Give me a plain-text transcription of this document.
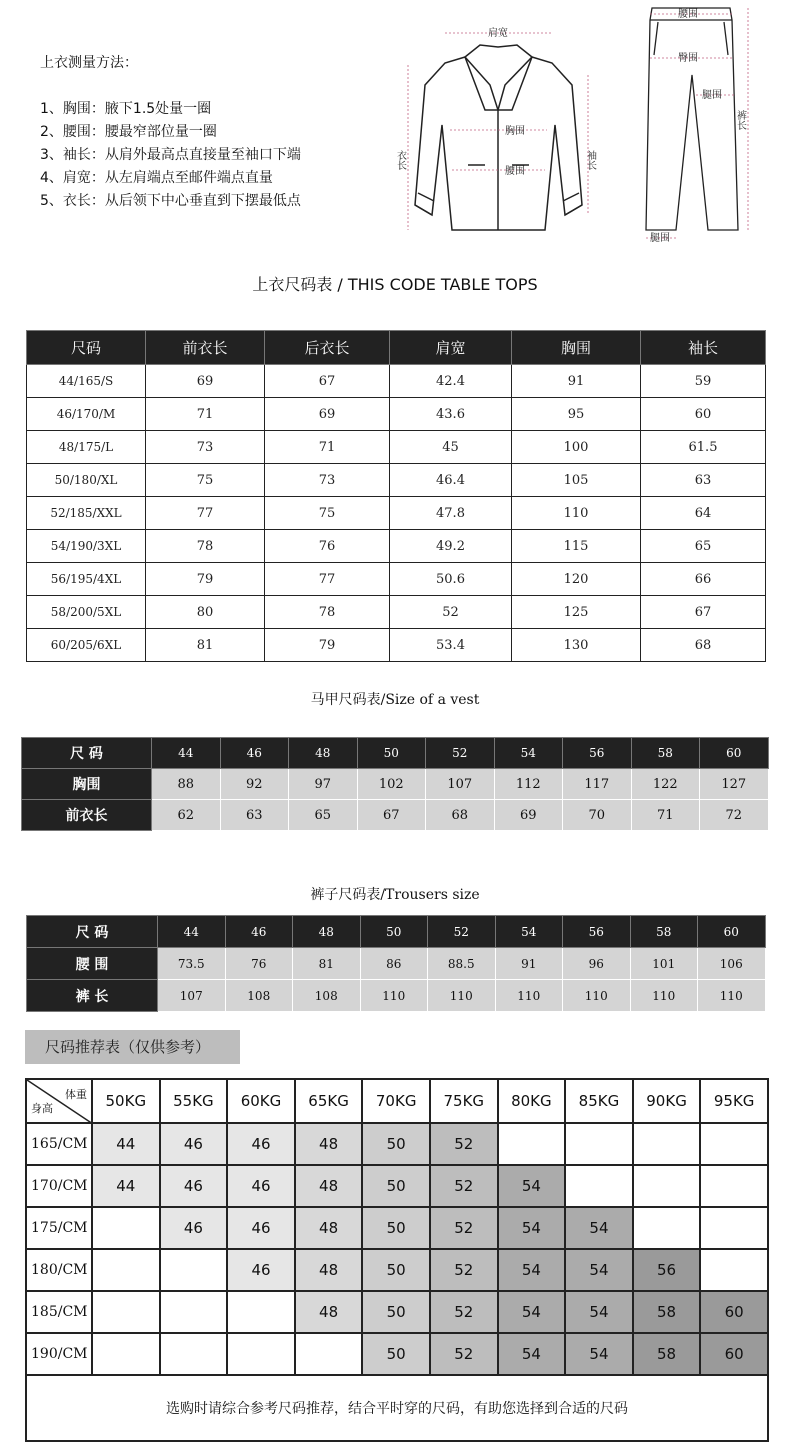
上衣测量方法：
1、胸围：腋下1.5处量一圈
2、腰围：腰最窄部位量一圈
3、袖长：从肩外最高点直接量至袖口下端
4、肩宽：从左肩端点至邮件端点直量
5、衣长：从后领下中心垂直到下摆最低点
肩宽
胸围
腰围
衣长	袖长
腰围
臀围
腿围
裤长
腿围
上衣尺码表 / THIS CODE TABLE TOPS
尺码	前衣长	后衣长	肩宽	胸围	袖长
44/165/S	69	67	42.4	91	59
46/170/M	71	69	43.6	95	60
48/175/L	73	71	45	100	61.5
50/180/XL	75	73	46.4	105	63
52/185/XXL	77	75	47.8	110	64
54/190/3XL	78	76	49.2	115	65
56/195/4XL	79	77	50.6	120	66
58/200/5XL	80	78	52	125	67
60/205/6XL	81	79	53.4	130	68
马甲尺码表/Size of a vest
尺 码	44	46	48	50	52	54	56	58	60
胸围	88	92	97	102	107	112	117	122	127
前衣长	62	63	65	67	68	69	70	71	72
裤子尺码表/Trousers size
尺 码	44	46	48	50	52	54	56	58	60
腰 围	73.5	76	81	86	88.5	91	96	101	106
裤 长	107	108	108	110	110	110	110	110	110
尺码推荐表（仅供参考）
体重
身高	50KG	55KG	60KG	65KG	70KG	75KG	80KG	85KG	90KG	95KG
165/CM	44	46	46	48	50	52				
170/CM	44	46	46	48	50	52	54			
175/CM		46	46	48	50	52	54	54		
180/CM			46	48	50	52	54	54	56	
185/CM				48	50	52	54	54	58	60
190/CM					50	52	54	54	58	60
选购时请综合参考尺码推荐，结合平时穿的尺码，有助您选择到合适的尺码										
